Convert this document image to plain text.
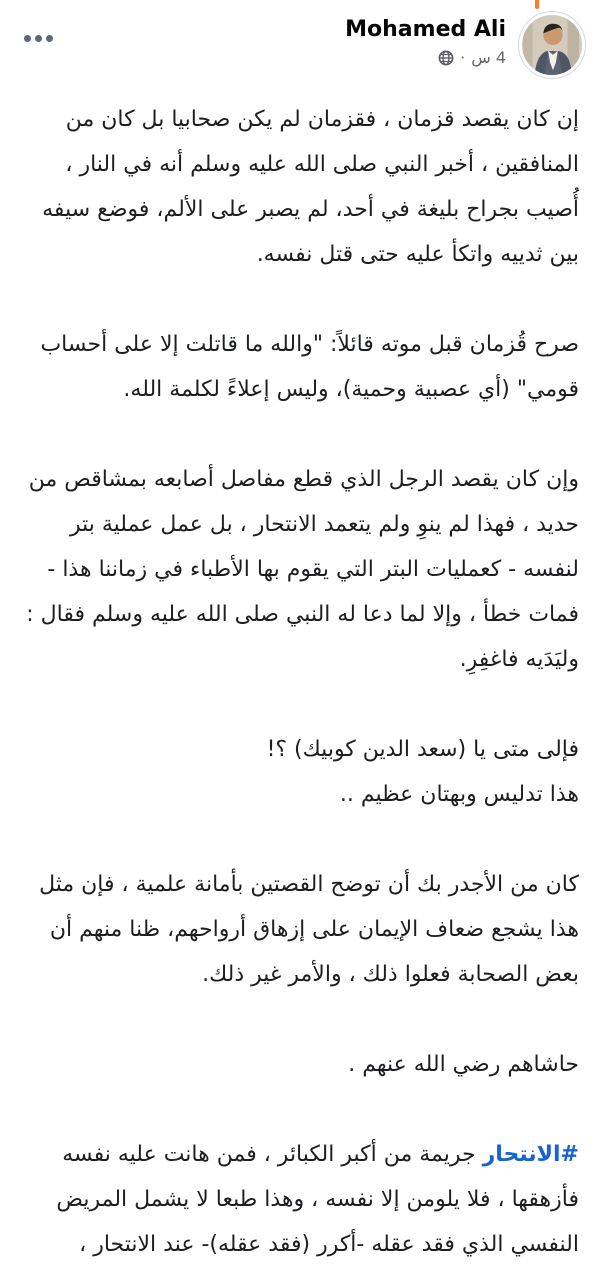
Mohamed Ali
4 س
·

إن كان يقصد قزمان ، فقزمان لم يكن صحابيا بل كان من المنافقين ، أخبر النبي صلى الله عليه وسلم أنه في النار ، أُصيب بجراح بليغة في أحد، لم يصبر على الألم، فوضع سيفه بين ثدييه واتكأ عليه حتى قتل نفسه.

صرح قُزمان قبل موته قائلاً: "والله ما قاتلت إلا على أحساب قومي" (أي عصبية وحمية)، وليس إعلاءً لكلمة الله.

وإن كان يقصد الرجل الذي قطع مفاصل أصابعه بمشاقص من حديد ، فهذا لم ينوِ ولم يتعمد الانتحار ، بل عمل عملية بتر لنفسه - كعمليات البتر التي يقوم بها الأطباء في زماننا هذا - فمات خطأ ، وإلا لما دعا له النبي صلى الله عليه وسلم فقال : وليَدَيه فاغفِرِ.

فإلى متى يا (سعد الدين كوبيك) ؟!
هذا تدليس وبهتان عظيم ..

كان من الأجدر بك أن توضح القصتين بأمانة علمية ، فإن مثل هذا يشجع ضعاف الإيمان على إزهاق أرواحهم، ظنا منهم أن بعض الصحابة فعلوا ذلك ، والأمر غير ذلك.

حاشاهم رضي الله عنهم .

#الانتحار جريمة من أكبر الكبائر ، فمن هانت عليه نفسه فأزهقها ، فلا يلومن إلا نفسه ، وهذا طبعا لا يشمل المريض النفسي الذي فقد عقله -أكرر (فقد عقله)- عند الانتحار ،
